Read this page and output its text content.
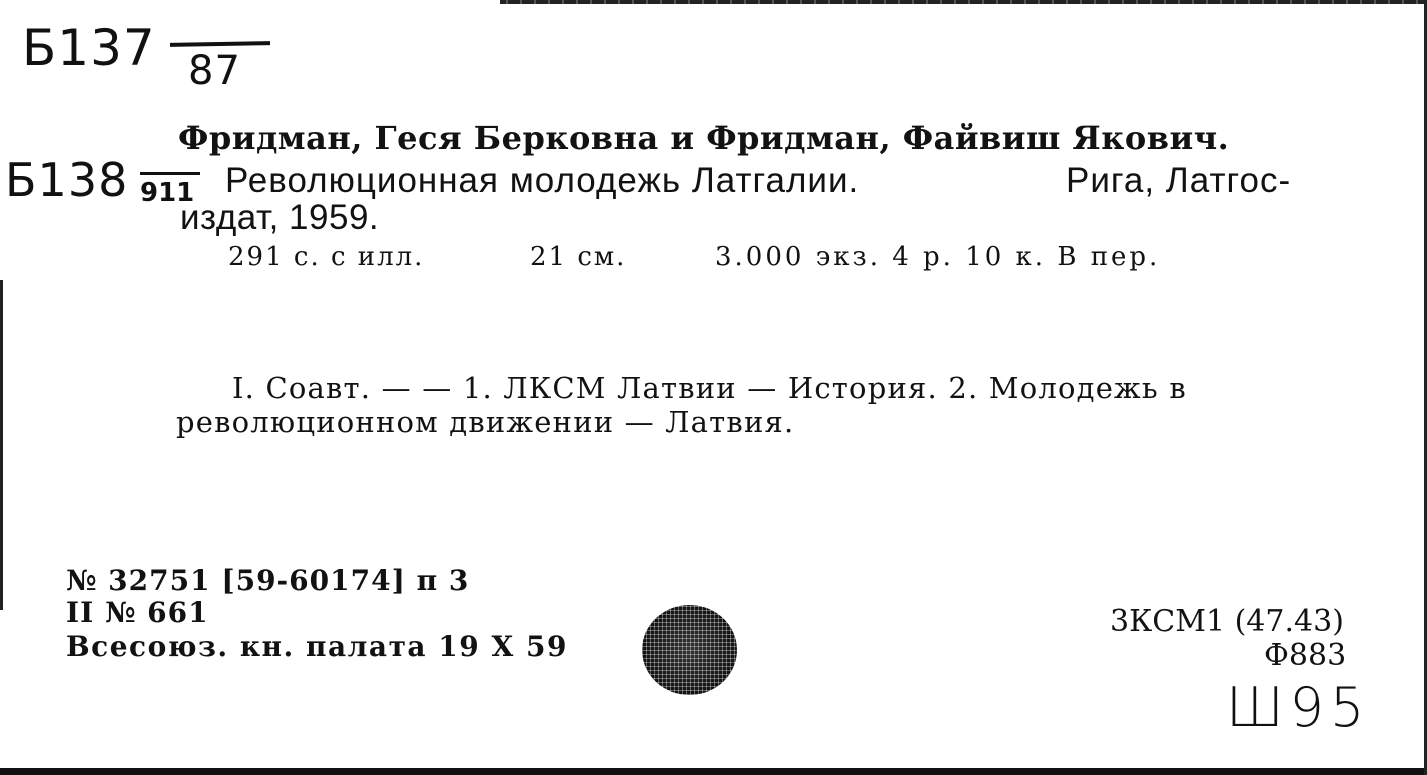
Б137 87
Б138 911
Фридман, Геся Берковна и Фридман, Файвиш Якович.
Революционная молодежь Латгалии.	Рига, Латгос-
издат, 1959.
291 с. с илл.	21 см.	3.000 экз. 4 р. 10 к. В пер.
I. Соавт. — — 1. ЛКСМ Латвии — История. 2. Молодежь в
революционном движении — Латвия.
№ 32751 [59-60174] п 3
II № 661
Всесоюз. кн. палата 19 X 59
3КСМ1 (47.43)
Ф883
Ш95
